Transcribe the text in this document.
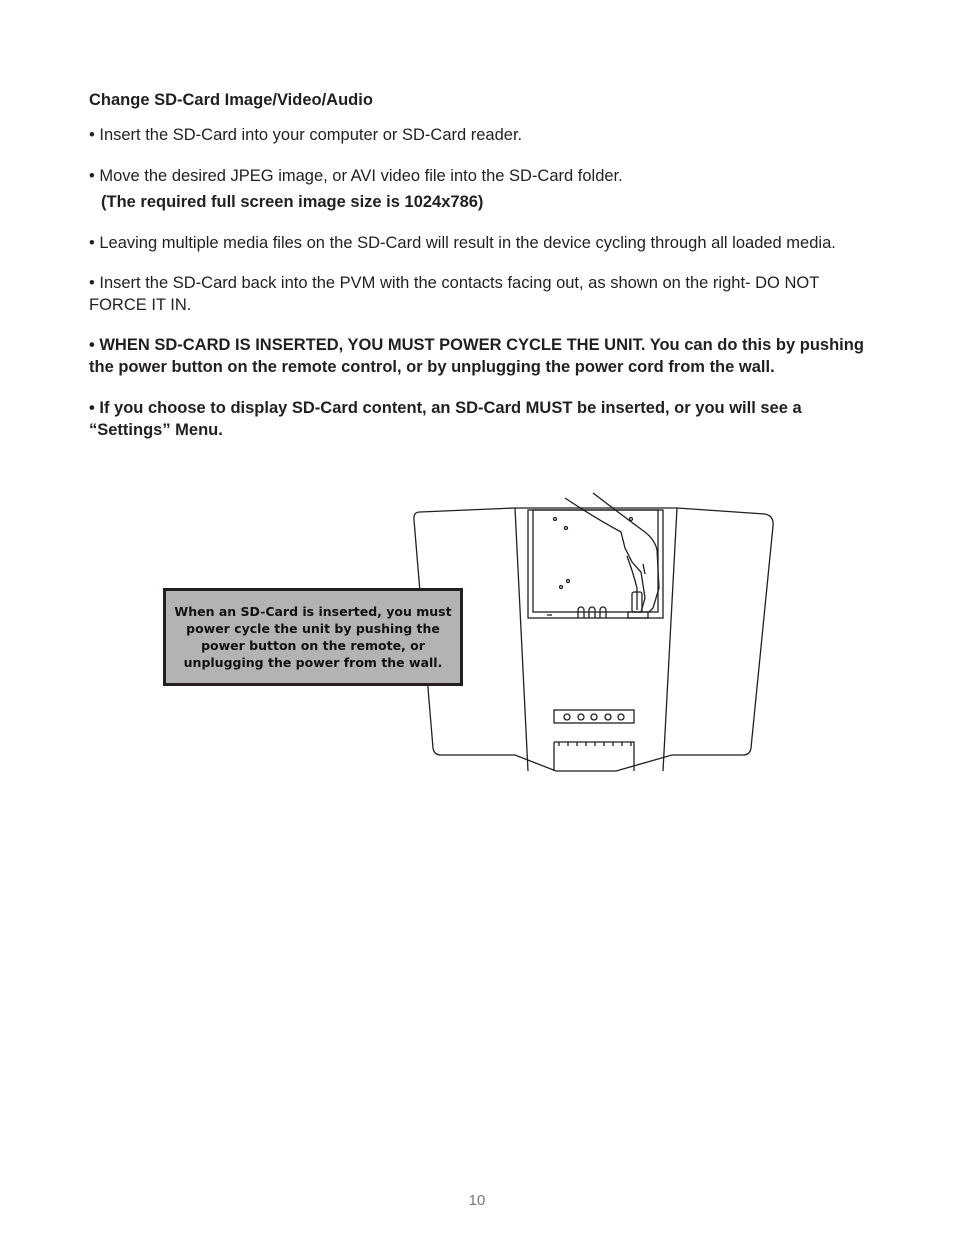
Change SD-Card Image/Video/Audio

• Insert the SD-Card into your computer or SD-Card reader.

• Move the desired JPEG image, or AVI video file into the SD-Card folder.
(The required full screen image size is 1024x786)

• Leaving multiple media files on the SD-Card will result in the device cycling through all loaded media.

• Insert the SD-Card back into the PVM with the contacts facing out, as shown on the right- DO NOT FORCE IT IN.

• WHEN SD-CARD IS INSERTED, YOU MUST POWER CYCLE THE UNIT. You can do this by pushing the power button on the remote control, or by unplugging the power cord from the wall.

• If you choose to display SD-Card content, an SD-Card MUST be inserted, or you will see a “Settings” Menu.

When an SD-Card is inserted, you must power cycle the unit by pushing the power button on the remote, or unplugging the power from the wall.
10
